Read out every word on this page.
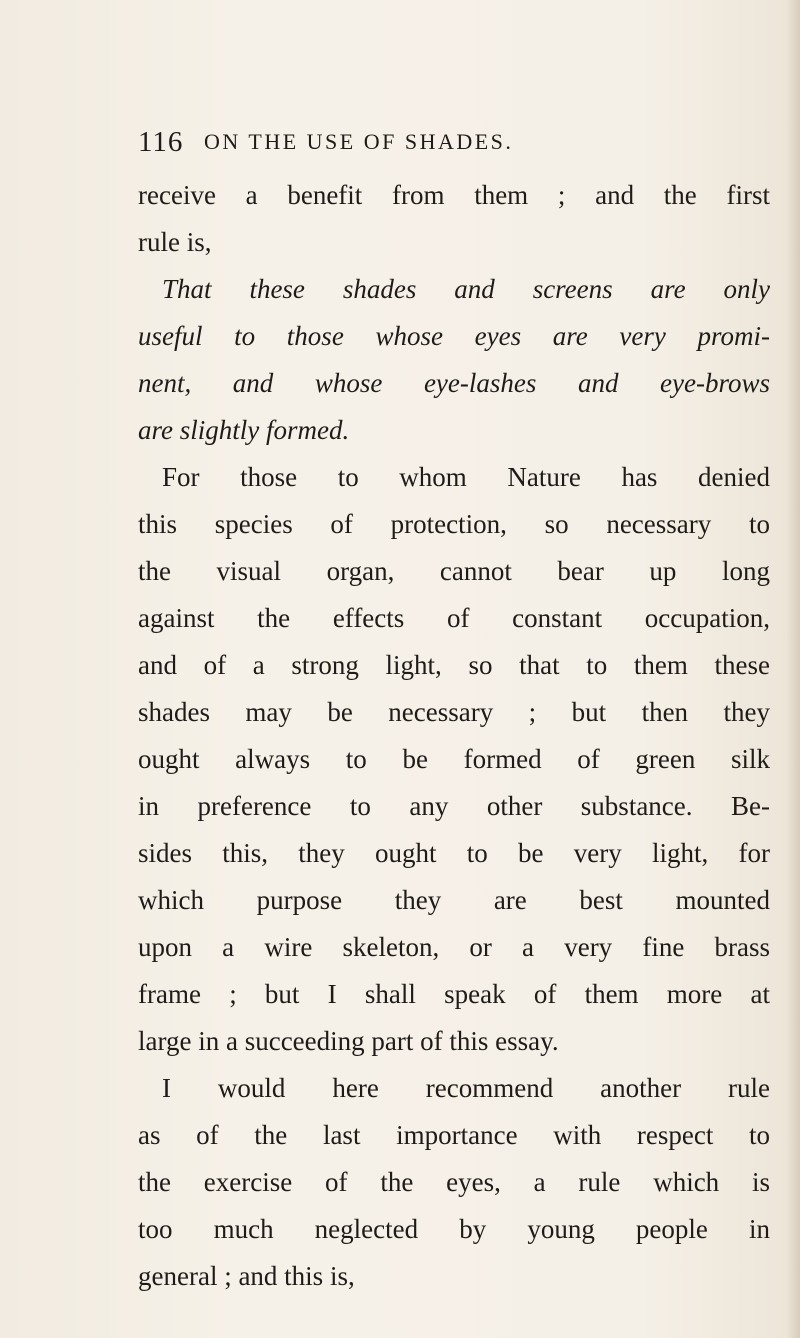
116 ON THE USE OF SHADES.
receive a benefit from them ; and the first
rule is,
That these shades and screens are only
useful to those whose eyes are very promi-
nent, and whose eye-lashes and eye-brows
are slightly formed.
For those to whom Nature has denied
this species of protection, so necessary to
the visual organ, cannot bear up long
against the effects of constant occupation,
and of a strong light, so that to them these
shades may be necessary ; but then they
ought always to be formed of green silk
in preference to any other substance. Be-
sides this, they ought to be very light, for
which purpose they are best mounted
upon a wire skeleton, or a very fine brass
frame ; but I shall speak of them more at
large in a succeeding part of this essay.
I would here recommend another rule
as of the last importance with respect to
the exercise of the eyes, a rule which is
too much neglected by young people in
general ; and this is,
